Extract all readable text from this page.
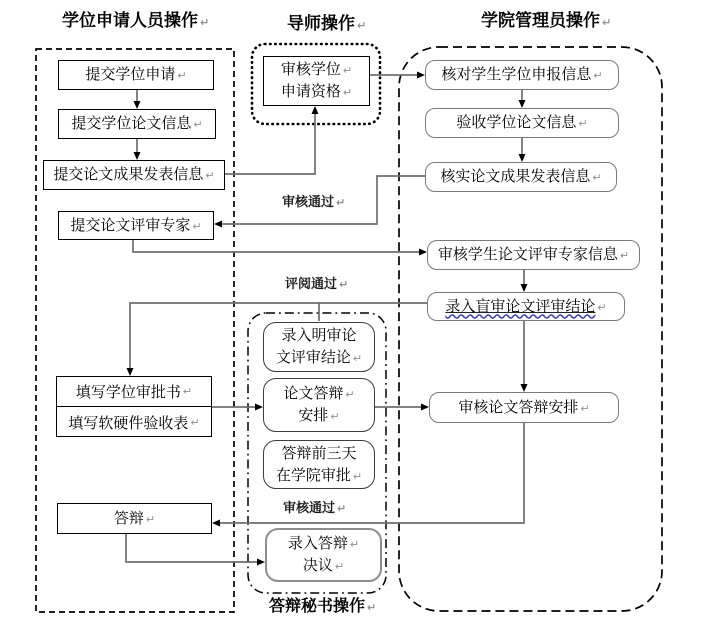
学位申请人员操作 ↵	导师操作 ↵	学院管理员操作 ↵
答辩秘书操作 ↵
审核通过 ↵
评阅通过 ↵
审核通过 ↵
提交学位申请 ↵
提交学位论文信息 ↵
提交论文成果发表信息 ↵
提交论文评审专家 ↵
填写学位审批书 ↵
填写软硬件验收表 ↵
答辩 ↵
审核学位 ↵
申请资格 ↵
核对学生学位申报信息 ↵
验收学位论文信息 ↵
核实论文成果发表信息 ↵
审核学生论文评审专家信息 ↵
录入盲审论文评审结论 ↵
审核论文答辩安排 ↵
录入明审论
文评审结论 ↵
论文答辩 ↵
安排 ↵
答辩前三天
在学院审批 ↵
录入答辩 ↵
决议 ↵
